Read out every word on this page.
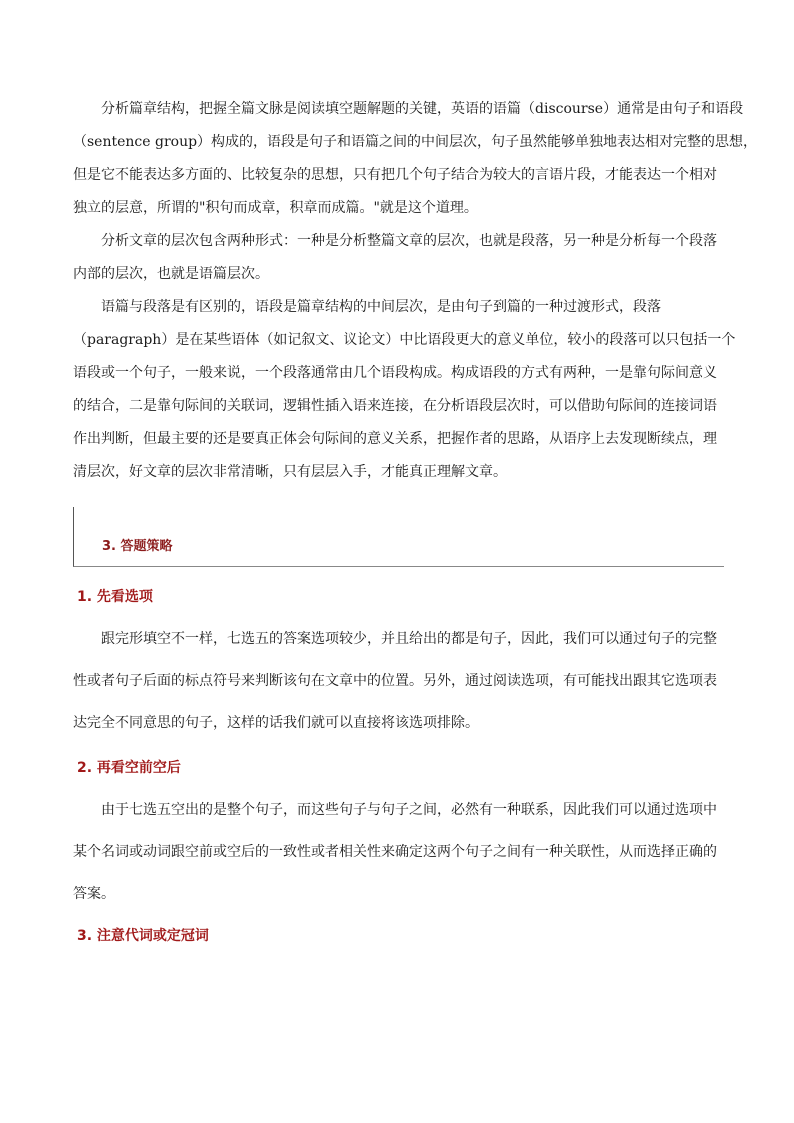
分析篇章结构，把握全篇文脉是阅读填空题解题的关键，英语的语篇（discourse）通常是由句子和语段
（sentence group）构成的，语段是句子和语篇之间的中间层次，句子虽然能够单独地表达相对完整的思想，
但是它不能表达多方面的、比较复杂的思想，只有把几个句子结合为较大的言语片段，才能表达一个相对
独立的层意，所谓的"积句而成章，积章而成篇。"就是这个道理。
分析文章的层次包含两种形式：一种是分析整篇文章的层次，也就是段落，另一种是分析每一个段落
内部的层次，也就是语篇层次。
语篇与段落是有区别的，语段是篇章结构的中间层次，是由句子到篇的一种过渡形式，段落
（paragraph）是在某些语体（如记叙文、议论文）中比语段更大的意义单位，较小的段落可以只包括一个
语段或一个句子，一般来说，一个段落通常由几个语段构成。构成语段的方式有两种，一是靠句际间意义
的结合，二是靠句际间的关联词，逻辑性插入语来连接，在分析语段层次时，可以借助句际间的连接词语
作出判断，但最主要的还是要真正体会句际间的意义关系，把握作者的思路，从语序上去发现断续点，理
清层次，好文章的层次非常清晰，只有层层入手，才能真正理解文章。
3. 答题策略
1. 先看选项
跟完形填空不一样，七选五的答案选项较少，并且给出的都是句子，因此，我们可以通过句子的完整
性或者句子后面的标点符号来判断该句在文章中的位置。另外，通过阅读选项，有可能找出跟其它选项表
达完全不同意思的句子，这样的话我们就可以直接将该选项排除。
2. 再看空前空后
由于七选五空出的是整个句子，而这些句子与句子之间，必然有一种联系，因此我们可以通过选项中
某个名词或动词跟空前或空后的一致性或者相关性来确定这两个句子之间有一种关联性，从而选择正确的
答案。
3. 注意代词或定冠词
